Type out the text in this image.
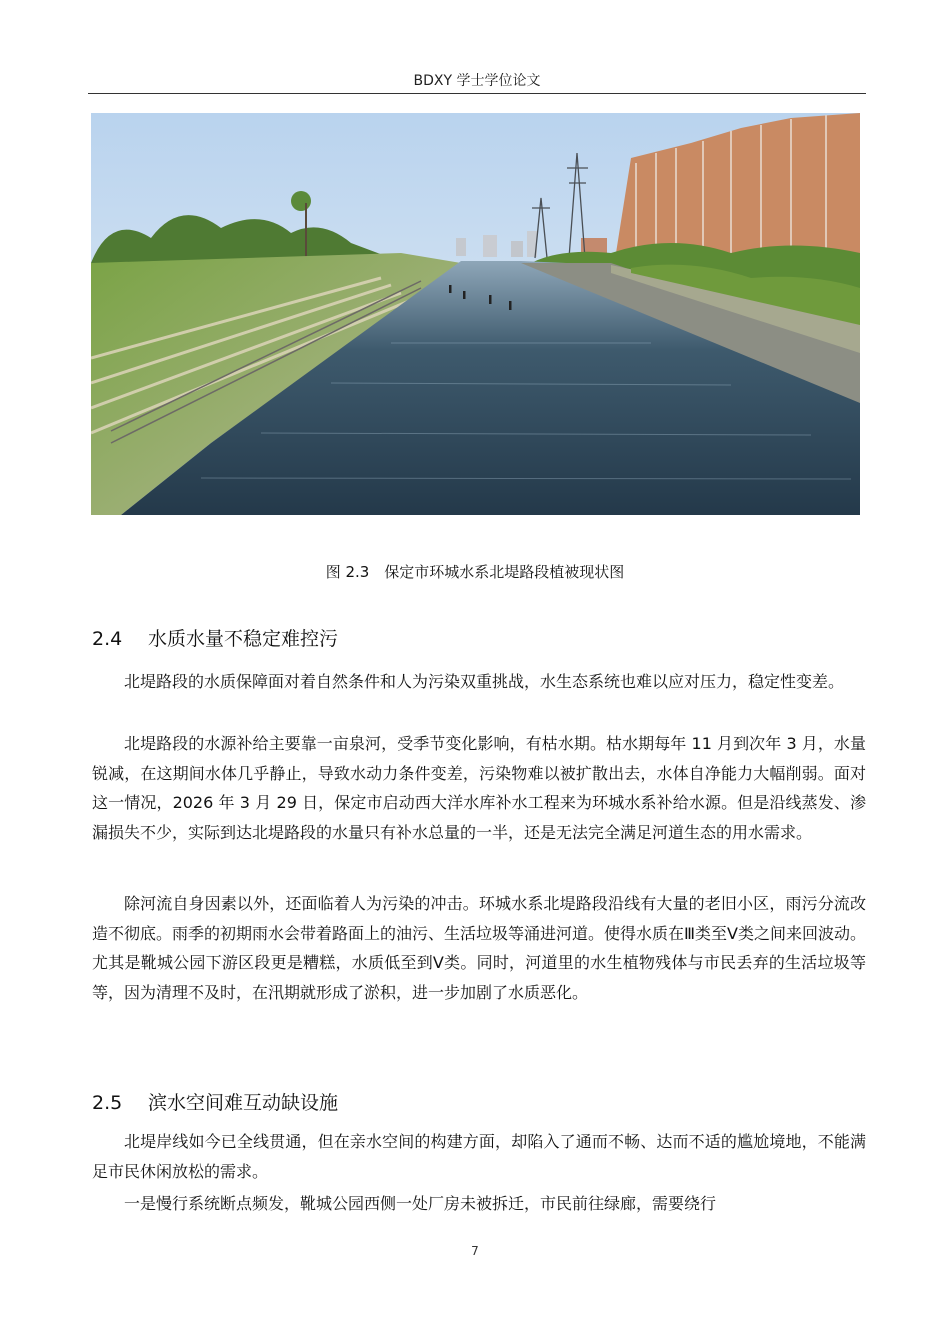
BDXY 学士学位论文
图 2.3　保定市环城水系北堤路段植被现状图
2.4 水质水量不稳定难控污

北堤路段的水质保障面对着自然条件和人为污染双重挑战，水生态系统也难以应对压力，稳定性变差。

北堤路段的水源补给主要靠一亩泉河，受季节变化影响，有枯水期。枯水期每年 11 月到次年 3 月，水量锐减，在这期间水体几乎静止，导致水动力条件变差，污染物难以被扩散出去，水体自净能力大幅削弱。面对这一情况，2026 年 3 月 29 日，保定市启动西大洋水库补水工程来为环城水系补给水源。但是沿线蒸发、渗漏损失不少，实际到达北堤路段的水量只有补水总量的一半，还是无法完全满足河道生态的用水需求。

除河流自身因素以外，还面临着人为污染的冲击。环城水系北堤路段沿线有大量的老旧小区，雨污分流改造不彻底。雨季的初期雨水会带着路面上的油污、生活垃圾等涌进河道。使得水质在Ⅲ类至Ⅴ类之间来回波动。尤其是靴城公园下游区段更是糟糕，水质低至到Ⅴ类。同时，河道里的水生植物残体与市民丢弃的生活垃圾等等，因为清理不及时，在汛期就形成了淤积，进一步加剧了水质恶化。

2.5 滨水空间难互动缺设施

北堤岸线如今已全线贯通，但在亲水空间的构建方面，却陷入了通而不畅、达而不适的尴尬境地，不能满足市民休闲放松的需求。

一是慢行系统断点频发，靴城公园西侧一处厂房未被拆迁，市民前往绿廊，需要绕行

7
